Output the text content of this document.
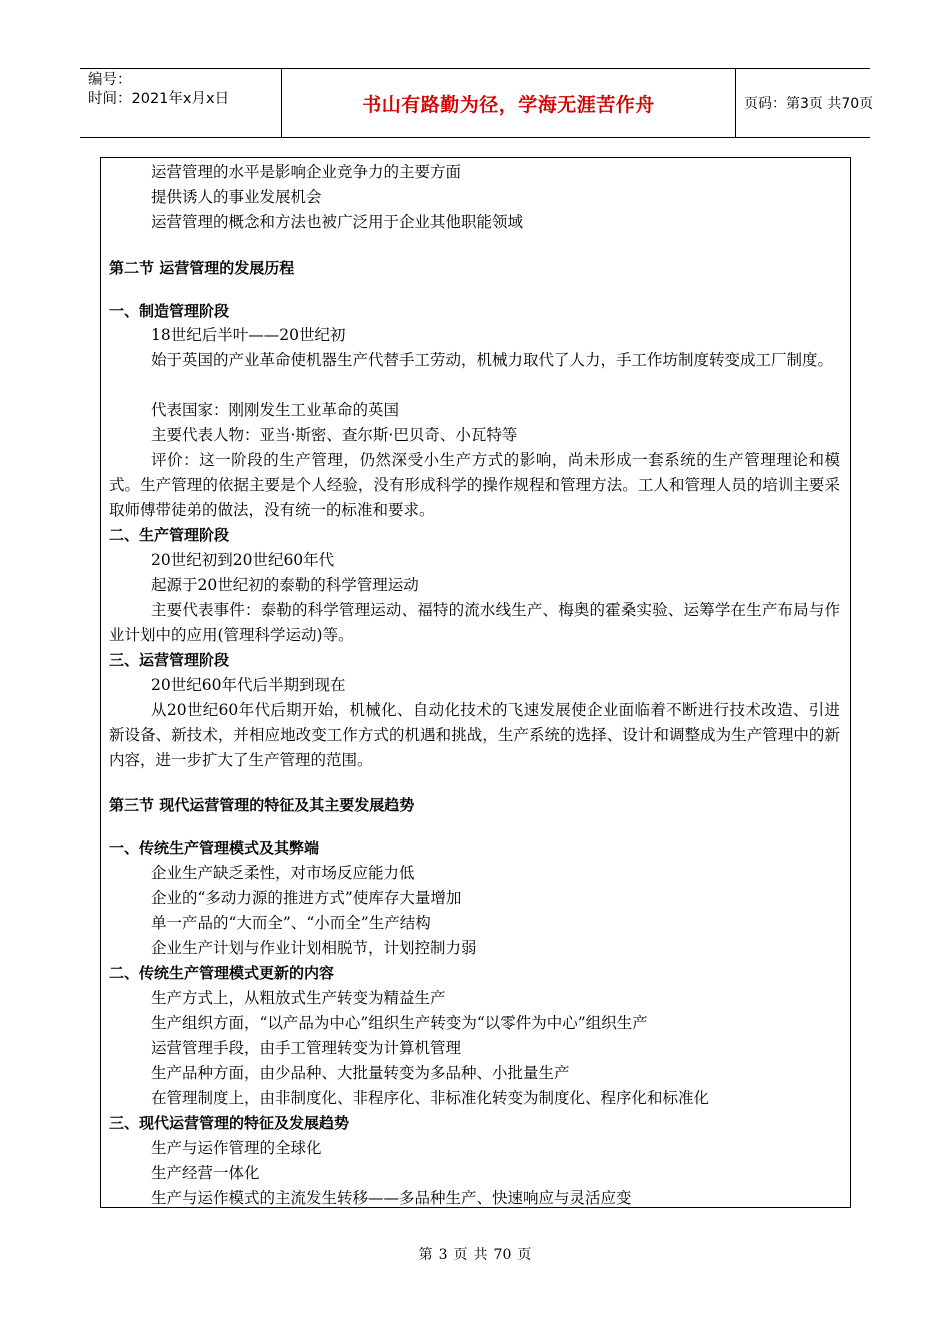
编号：
时间：2021年x月x日	书山有路勤为径，学海无涯苦作舟	页码：第3页 共70页
运营管理的水平是影响企业竞争力的主要方面
提供诱人的事业发展机会
运营管理的概念和方法也被广泛用于企业其他职能领域
第二节 运营管理的发展历程
一、制造管理阶段
18世纪后半叶——20世纪初
始于英国的产业革命使机器生产代替手工劳动，机械力取代了人力，手工作坊制度转变成工厂制度。
代表国家：刚刚发生工业革命的英国
主要代表人物：亚当·斯密、查尔斯·巴贝奇、小瓦特等
评价：这一阶段的生产管理，仍然深受小生产方式的影响，尚未形成一套系统的生产管理理论和模式。生产管理的依据主要是个人经验，没有形成科学的操作规程和管理方法。工人和管理人员的培训主要采取师傅带徒弟的做法，没有统一的标准和要求。
二、生产管理阶段
20世纪初到20世纪60年代
起源于20世纪初的泰勒的科学管理运动
主要代表事件：泰勒的科学管理运动、福特的流水线生产、梅奥的霍桑实验、运筹学在生产布局与作业计划中的应用(管理科学运动)等。
三、运营管理阶段
20世纪60年代后半期到现在
从20世纪60年代后期开始，机械化、自动化技术的飞速发展使企业面临着不断进行技术改造、引进新设备、新技术，并相应地改变工作方式的机遇和挑战，生产系统的选择、设计和调整成为生产管理中的新内容，进一步扩大了生产管理的范围。
第三节 现代运营管理的特征及其主要发展趋势
一、传统生产管理模式及其弊端
企业生产缺乏柔性，对市场反应能力低
企业的“多动力源的推进方式”使库存大量增加
单一产品的“大而全”、“小而全”生产结构
企业生产计划与作业计划相脱节，计划控制力弱
二、传统生产管理模式更新的内容
生产方式上，从粗放式生产转变为精益生产
生产组织方面，“以产品为中心”组织生产转变为“以零件为中心”组织生产
运营管理手段，由手工管理转变为计算机管理
生产品种方面，由少品种、大批量转变为多品种、小批量生产
在管理制度上，由非制度化、非程序化、非标准化转变为制度化、程序化和标准化
三、现代运营管理的特征及发展趋势
生产与运作管理的全球化
生产经营一体化
生产与运作模式的主流发生转移——多品种生产、快速响应与灵活应变
第 3 页 共 70 页
